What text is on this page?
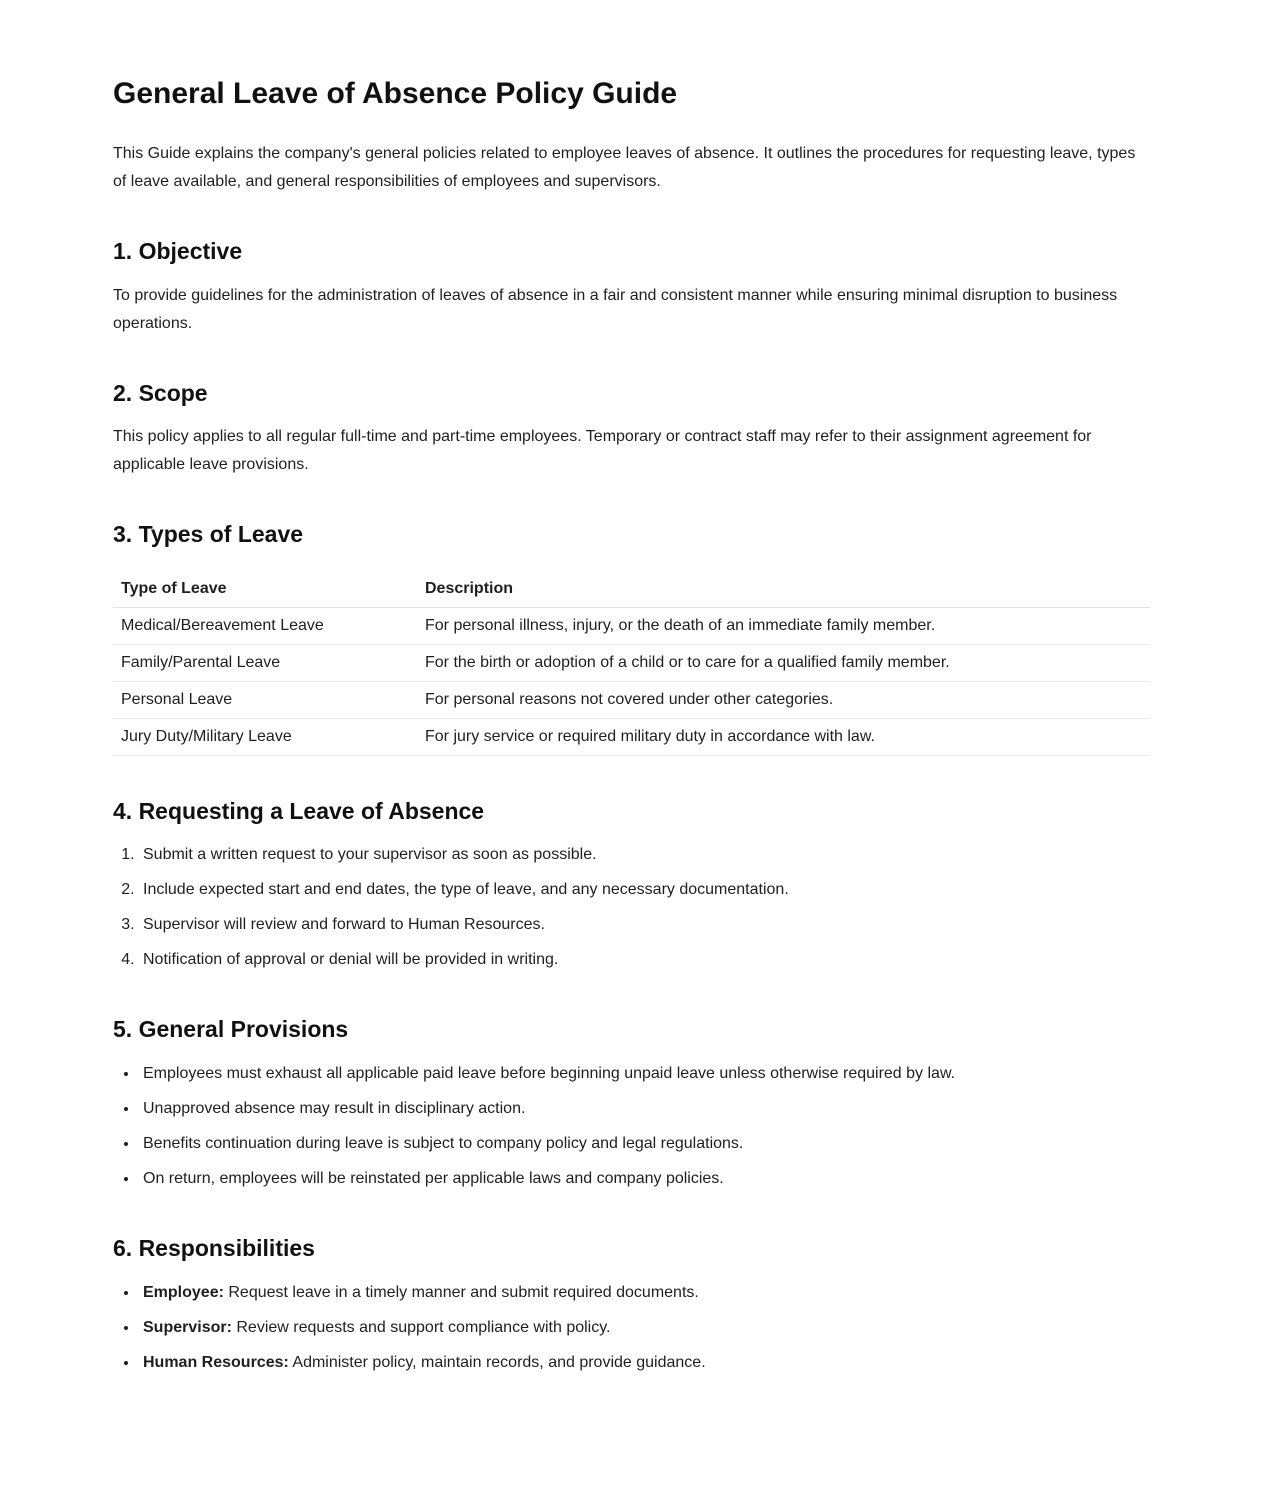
General Leave of Absence Policy Guide

This Guide explains the company's general policies related to employee leaves of absence. It outlines the procedures for requesting leave, types of leave available, and general responsibilities of employees and supervisors.

1. Objective

To provide guidelines for the administration of leaves of absence in a fair and consistent manner while ensuring minimal disruption to business operations.

2. Scope

This policy applies to all regular full-time and part-time employees. Temporary or contract staff may refer to their assignment agreement for applicable leave provisions.

3. Types of Leave
Type of Leave	Description
Medical/Bereavement Leave	For personal illness, injury, or the death of an immediate family member.
Family/Parental Leave	For the birth or adoption of a child or to care for a qualified family member.
Personal Leave	For personal reasons not covered under other categories.
Jury Duty/Military Leave	For jury service or required military duty in accordance with law.
4. Requesting a Leave of Absence
1. Submit a written request to your supervisor as soon as possible.
2. Include expected start and end dates, the type of leave, and any necessary documentation.
3. Supervisor will review and forward to Human Resources.
4. Notification of approval or denial will be provided in writing.
5. General Provisions
• Employees must exhaust all applicable paid leave before beginning unpaid leave unless otherwise required by law.
• Unapproved absence may result in disciplinary action.
• Benefits continuation during leave is subject to company policy and legal regulations.
• On return, employees will be reinstated per applicable laws and company policies.
6. Responsibilities
• Employee: Request leave in a timely manner and submit required documents.
• Supervisor: Review requests and support compliance with policy.
• Human Resources: Administer policy, maintain records, and provide guidance.
